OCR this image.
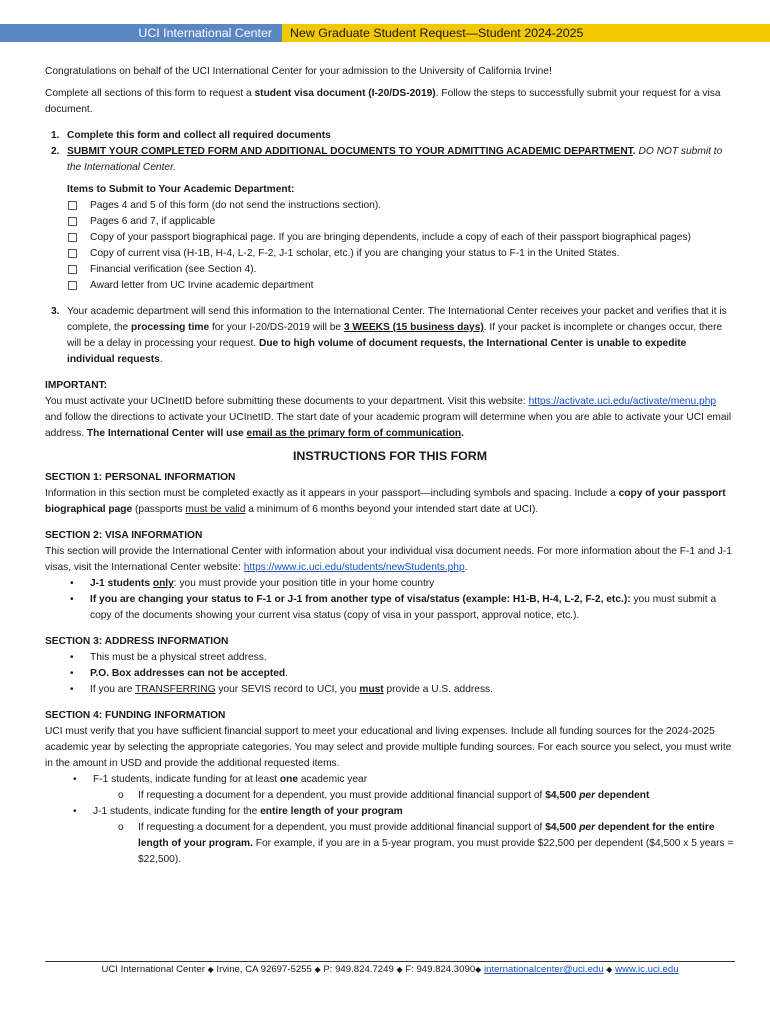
UCI International Center	New Graduate Student Request—Student 2024-2025

Congratulations on behalf of the UCI International Center for your admission to the University of California Irvine!

Complete all sections of this form to request a student visa document (I-20/DS-2019). Follow the steps to successfully submit your request for a visa document.

1. Complete this form and collect all required documents
2. SUBMIT YOUR COMPLETED FORM AND ADDITIONAL DOCUMENTS TO YOUR ADMITTING ACADEMIC DEPARTMENT. DO NOT submit to the International Center.
Items to Submit to Your Academic Department:
Pages 4 and 5 of this form (do not send the instructions section).
Pages 6 and 7, if applicable
Copy of your passport biographical page. If you are bringing dependents, include a copy of each of their passport biographical pages)
Copy of current visa (H-1B, H-4, L-2, F-2, J-1 scholar, etc.) if you are changing your status to F-1 in the United States.
Financial verification (see Section 4).
Award letter from UC Irvine academic department
3. Your academic department will send this information to the International Center. The International Center receives your packet and verifies that it is complete, the processing time for your I-20/DS-2019 will be 3 WEEKS (15 business days). If your packet is incomplete or changes occur, there will be a delay in processing your request. Due to high volume of document requests, the International Center is unable to expedite individual requests.

IMPORTANT:

You must activate your UCInetID before submitting these documents to your department. Visit this website: https://activate.uci.edu/activate/menu.php and follow the directions to activate your UCInetID. The start date of your academic program will determine when you are able to activate your UCI email address. The International Center will use email as the primary form of communication.

INSTRUCTIONS FOR THIS FORM

SECTION 1: PERSONAL INFORMATION

Information in this section must be completed exactly as it appears in your passport—including symbols and spacing. Include a copy of your passport biographical page (passports must be valid a minimum of 6 months beyond your intended start date at UCI).

SECTION 2: VISA INFORMATION

This section will provide the International Center with information about your individual visa document needs. For more information about the F-1 and J-1 visas, visit the International Center website: https://www.ic.uci.edu/students/newStudents.php.

• J-1 students only: you must provide your position title in your home country
• If you are changing your status to F-1 or J-1 from another type of visa/status (example: H1-B, H-4, L-2, F-2, etc.): you must submit a copy of the documents showing your current visa status (copy of visa in your passport, approval notice, etc.).

SECTION 3: ADDRESS INFORMATION

• This must be a physical street address.
• P.O. Box addresses can not be accepted.
• If you are TRANSFERRING your SEVIS record to UCI, you must provide a U.S. address.

SECTION 4: FUNDING INFORMATION

UCI must verify that you have sufficient financial support to meet your educational and living expenses. Include all funding sources for the 2024-2025 academic year by selecting the appropriate categories. You may select and provide multiple funding sources. For each source you select, you must write in the amount in USD and provide the additional requested items.

• F-1 students, indicate funding for at least one academic year
o If requesting a document for a dependent, you must provide additional financial support of $4,500 per dependent
• J-1 students, indicate funding for the entire length of your program
o If requesting a document for a dependent, you must provide additional financial support of $4,500 per dependent for the entire length of your program. For example, if you are in a 5-year program, you must provide $22,500 per dependent ($4,500 x 5 years = $22,500).
UCI International Center ◆ Irvine, CA 92697-5255 ◆ P: 949.824.7249 ◆ F: 949.824.3090◆ internationalcenter@uci.edu ◆ www.ic.uci.edu
